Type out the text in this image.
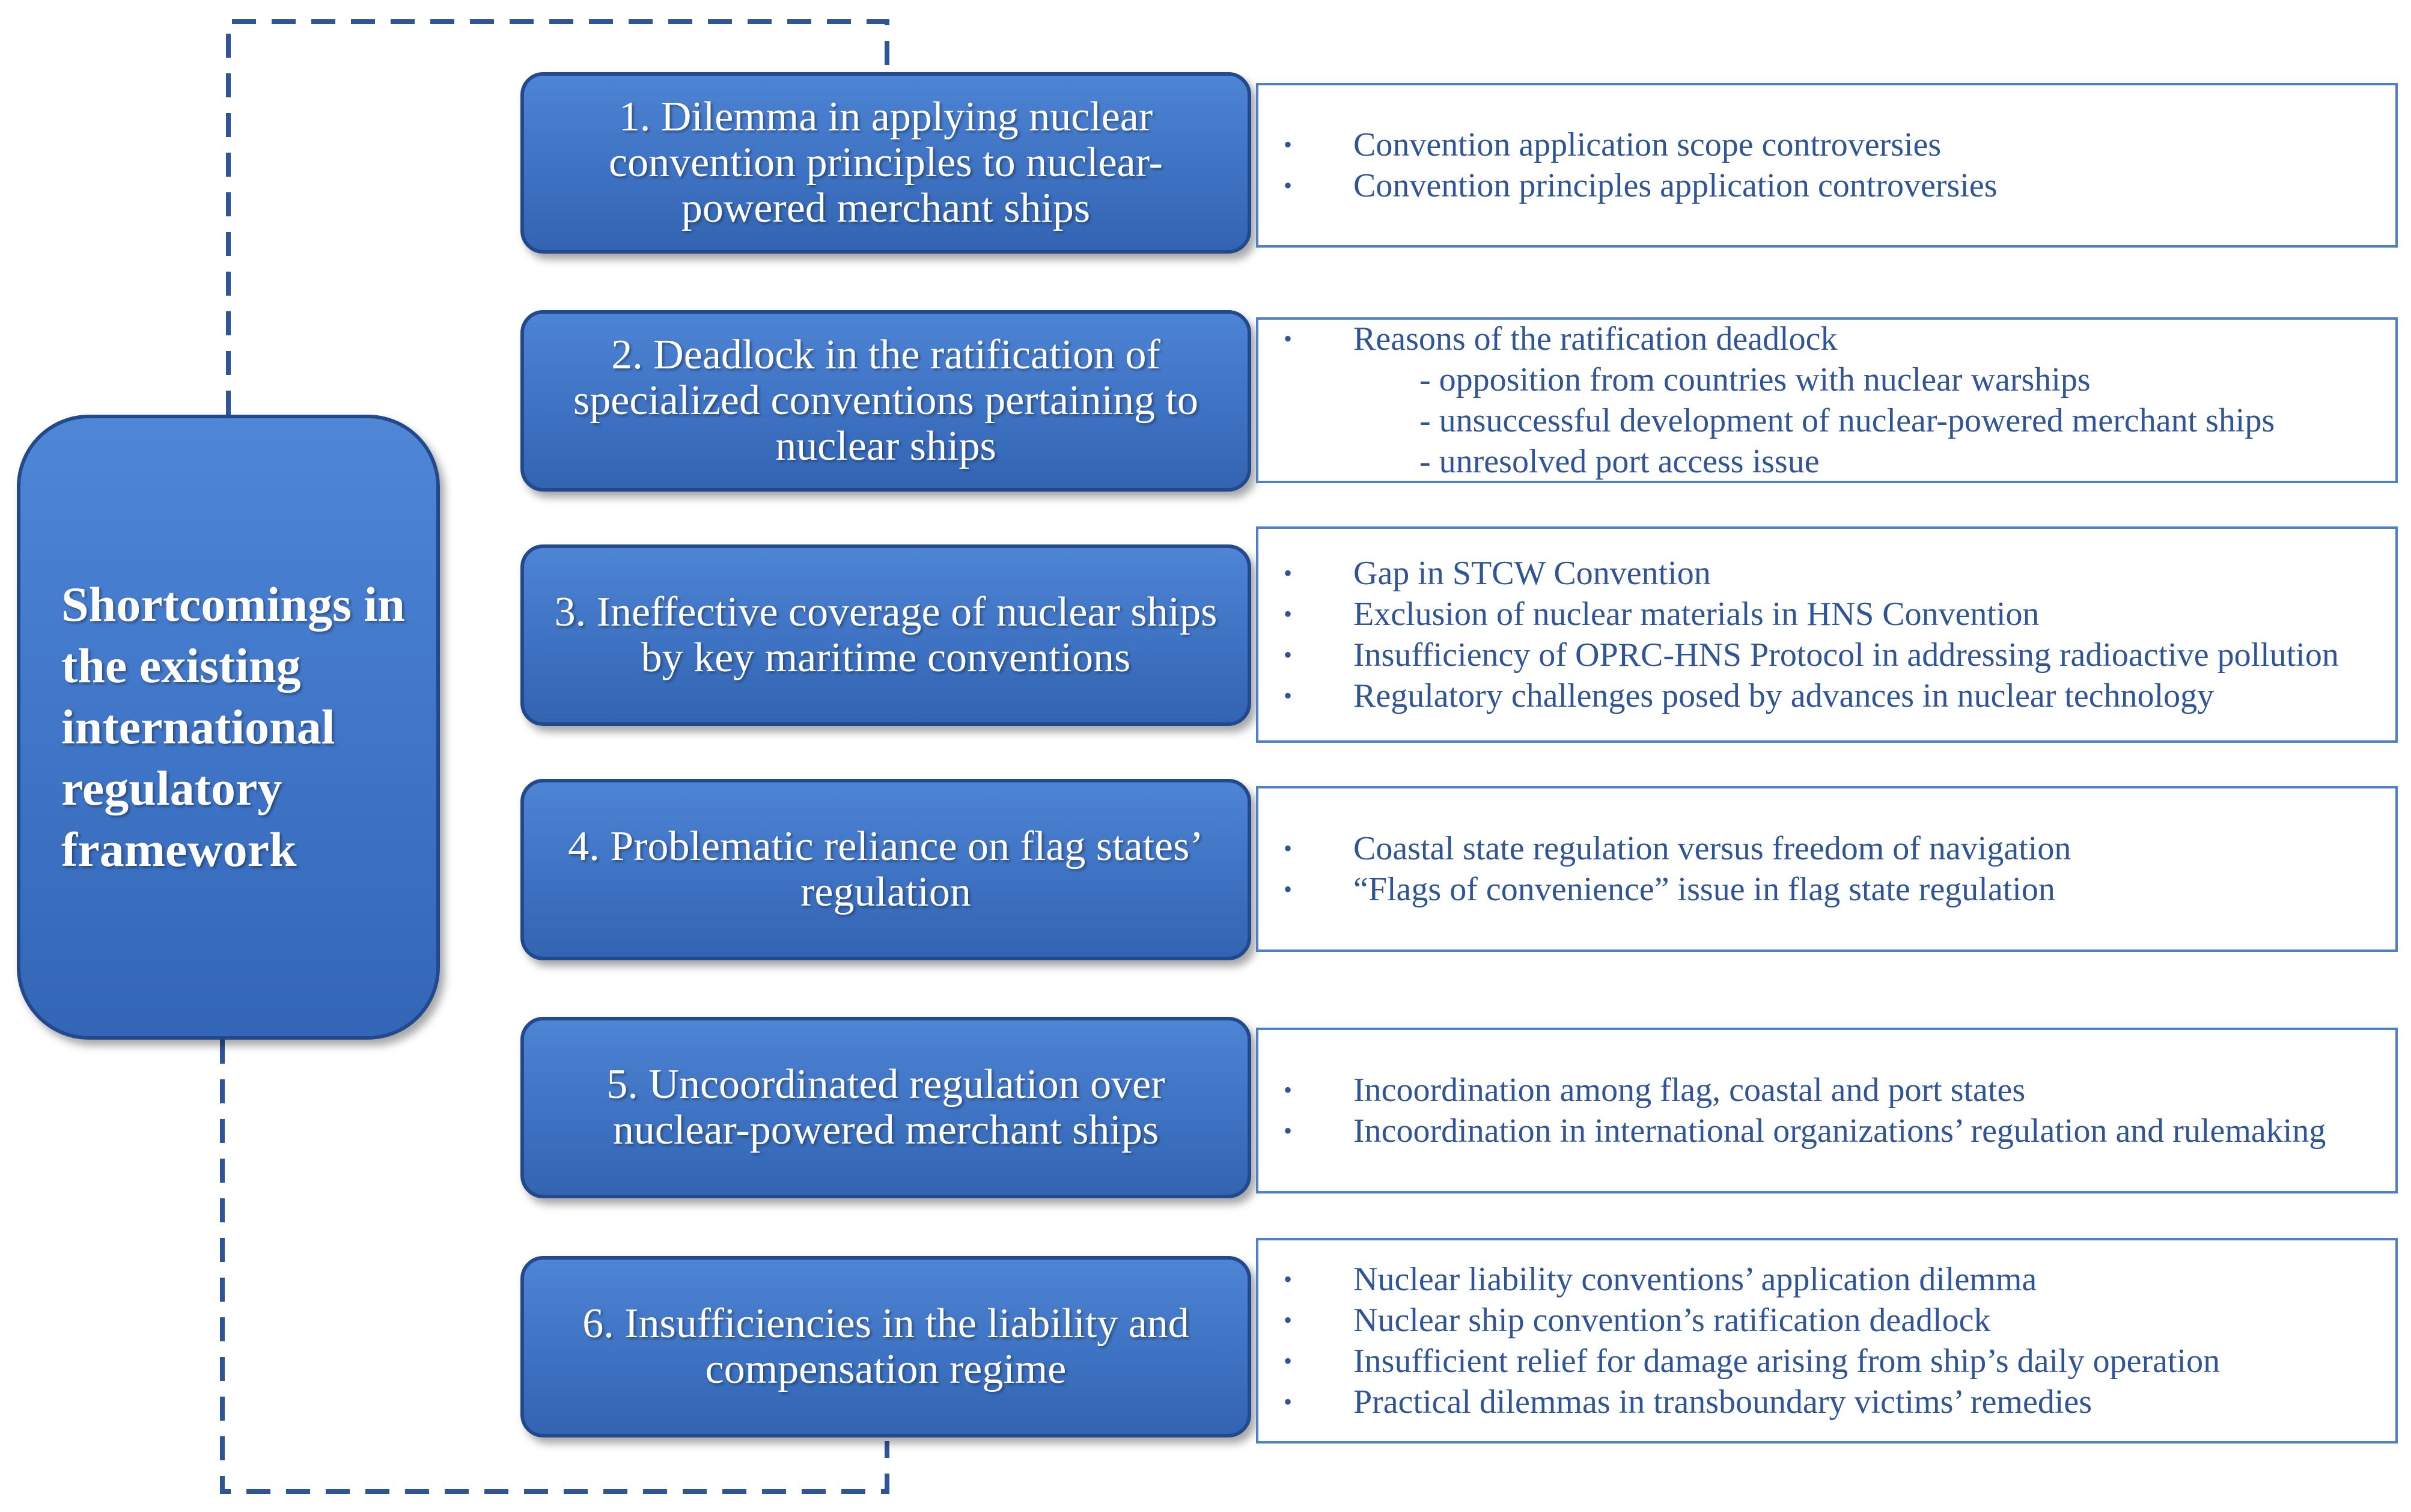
Shortcomings in the existing international regulatory framework
1. Dilemma in applying nuclear convention principles to nuclear-powered merchant ships
• Convention application scope controversies
• Convention principles application controversies
2. Deadlock in the ratification of specialized conventions pertaining to nuclear ships
• Reasons of the ratification deadlock
- opposition from countries with nuclear warships
- unsuccessful development of nuclear-powered merchant ships
- unresolved port access issue
3. Ineffective coverage of nuclear ships by key maritime conventions
• Gap in STCW Convention
• Exclusion of nuclear materials in HNS Convention
• Insufficiency of OPRC-HNS Protocol in addressing radioactive pollution
• Regulatory challenges posed by advances in nuclear technology
4. Problematic reliance on flag states’ regulation
• Coastal state regulation versus freedom of navigation
• “Flags of convenience” issue in flag state regulation
5. Uncoordinated regulation over nuclear-powered merchant ships
• Incoordination among flag, coastal and port states
• Incoordination in international organizations’ regulation and rulemaking
6. Insufficiencies in the liability and compensation regime
• Nuclear liability conventions’ application dilemma
• Nuclear ship convention’s ratification deadlock
• Insufficient relief for damage arising from ship’s daily operation
• Practical dilemmas in transboundary victims’ remedies
